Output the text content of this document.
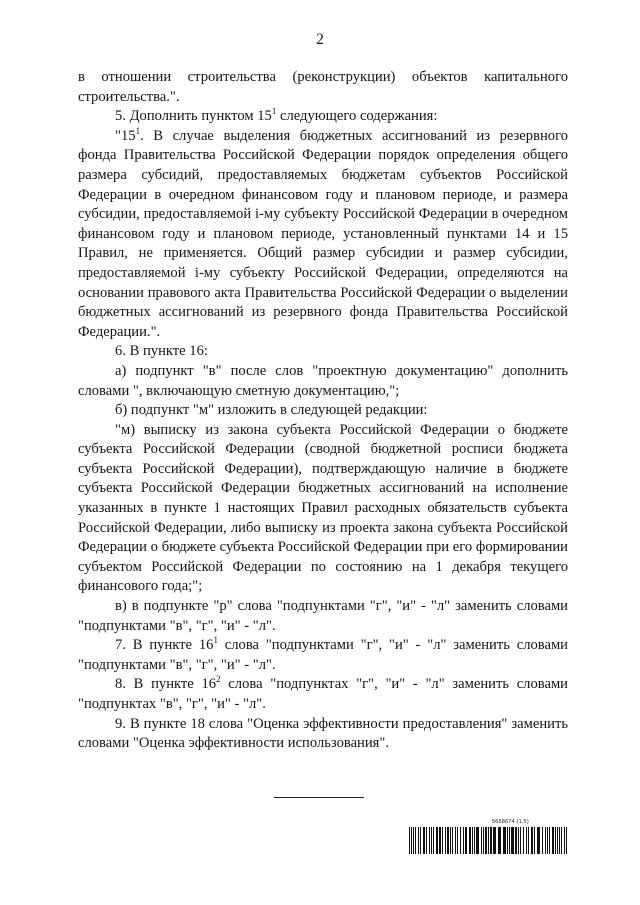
2

в отношении строительства (реконструкции) объектов капитального строительства.".

5. Дополнить пунктом $15^1$ следующего содержания:

"$15^1$. В случае выделения бюджетных ассигнований из резервного фонда Правительства Российской Федерации порядок определения общего размера субсидий, предоставляемых бюджетам субъектов Российской Федерации в очередном финансовом году и плановом периоде, и размера субсидии, предоставляемой i-му субъекту Российской Федерации в очередном финансовом году и плановом периоде, установленный пунктами 14 и 15 Правил, не применяется. Общий размер субсидии и размер субсидии, предоставляемой i-му субъекту Российской Федерации, определяются на основании правового акта Правительства Российской Федерации о выделении бюджетных ассигнований из резервного фонда Правительства Российской Федерации.".

6. В пункте 16:

а) подпункт "в" после слов "проектную документацию" дополнить словами ", включающую сметную документацию,";

б) подпункт "м" изложить в следующей редакции:

"м) выписку из закона субъекта Российской Федерации о бюджете субъекта Российской Федерации (сводной бюджетной росписи бюджета субъекта Российской Федерации), подтверждающую наличие в бюджете субъекта Российской Федерации бюджетных ассигнований на исполнение указанных в пункте 1 настоящих Правил расходных обязательств субъекта Российской Федерации, либо выписку из проекта закона субъекта Российской Федерации о бюджете субъекта Российской Федерации при его формировании субъектом Российской Федерации по состоянию на 1 декабря текущего финансового года;";

в) в подпункте "р" слова "подпунктами "г", "и" - "л" заменить словами "подпунктами "в", "г", "и" - "л".

7. В пункте $16^1$ слова "подпунктами "г", "и" - "л" заменить словами "подпунктами "в", "г", "и" - "л".

8. В пункте $16^2$ слова "подпунктах "г", "и" - "л" заменить словами "подпунктах "в", "г", "и" - "л".

9. В пункте 18 слова "Оценка эффективности предоставления" заменить словами "Оценка эффективности использования".

5668674 (1.5)
